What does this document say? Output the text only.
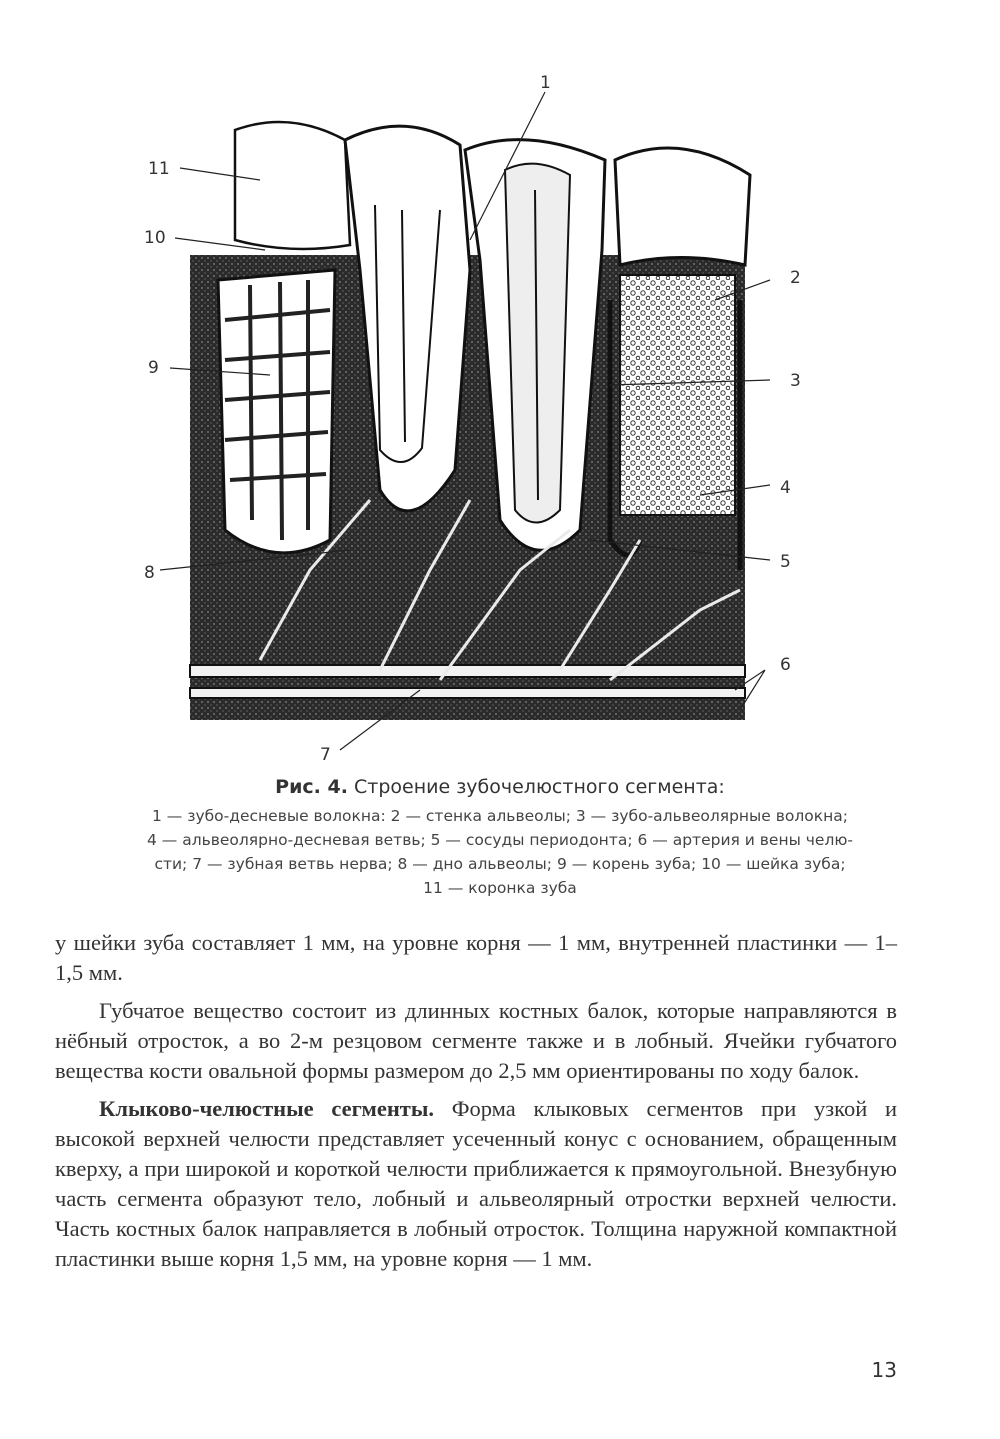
1
2
3
4
5
6
7
8
9
10
11
Рис. 4. Строение зубочелюстного сегмента:
1 — зубо-десневые волокна: 2 — стенка альвеолы; 3 — зубо-альвеолярные волокна;
4 — альвеолярно-десневая ветвь; 5 — сосуды периодонта; 6 — артерия и вены челю-
сти; 7 — зубная ветвь нерва; 8 — дно альвеолы; 9 — корень зуба; 10 — шейка зуба;
11 — коронка зуба

у шейки зуба составляет 1 мм, на уровне корня — 1 мм, внутренней пластинки — 1–1,5 мм.

Губчатое вещество состоит из длинных костных балок, которые направляются в нёбный отросток, а во 2-м резцовом сегменте также и в лобный. Ячейки губчатого вещества кости овальной формы размером до 2,5 мм ориентированы по ходу балок.

Клыково-челюстные сегменты. Форма клыковых сегментов при узкой и высокой верхней челюсти представляет усеченный конус с основанием, обращенным кверху, а при широкой и короткой челюсти приближается к прямоугольной. Внезубную часть сегмента образуют тело, лобный и альвеолярный отростки верхней челюсти. Часть костных балок направляется в лобный отросток. Толщина наружной компактной пластинки выше корня 1,5 мм, на уровне корня — 1 мм.

13
